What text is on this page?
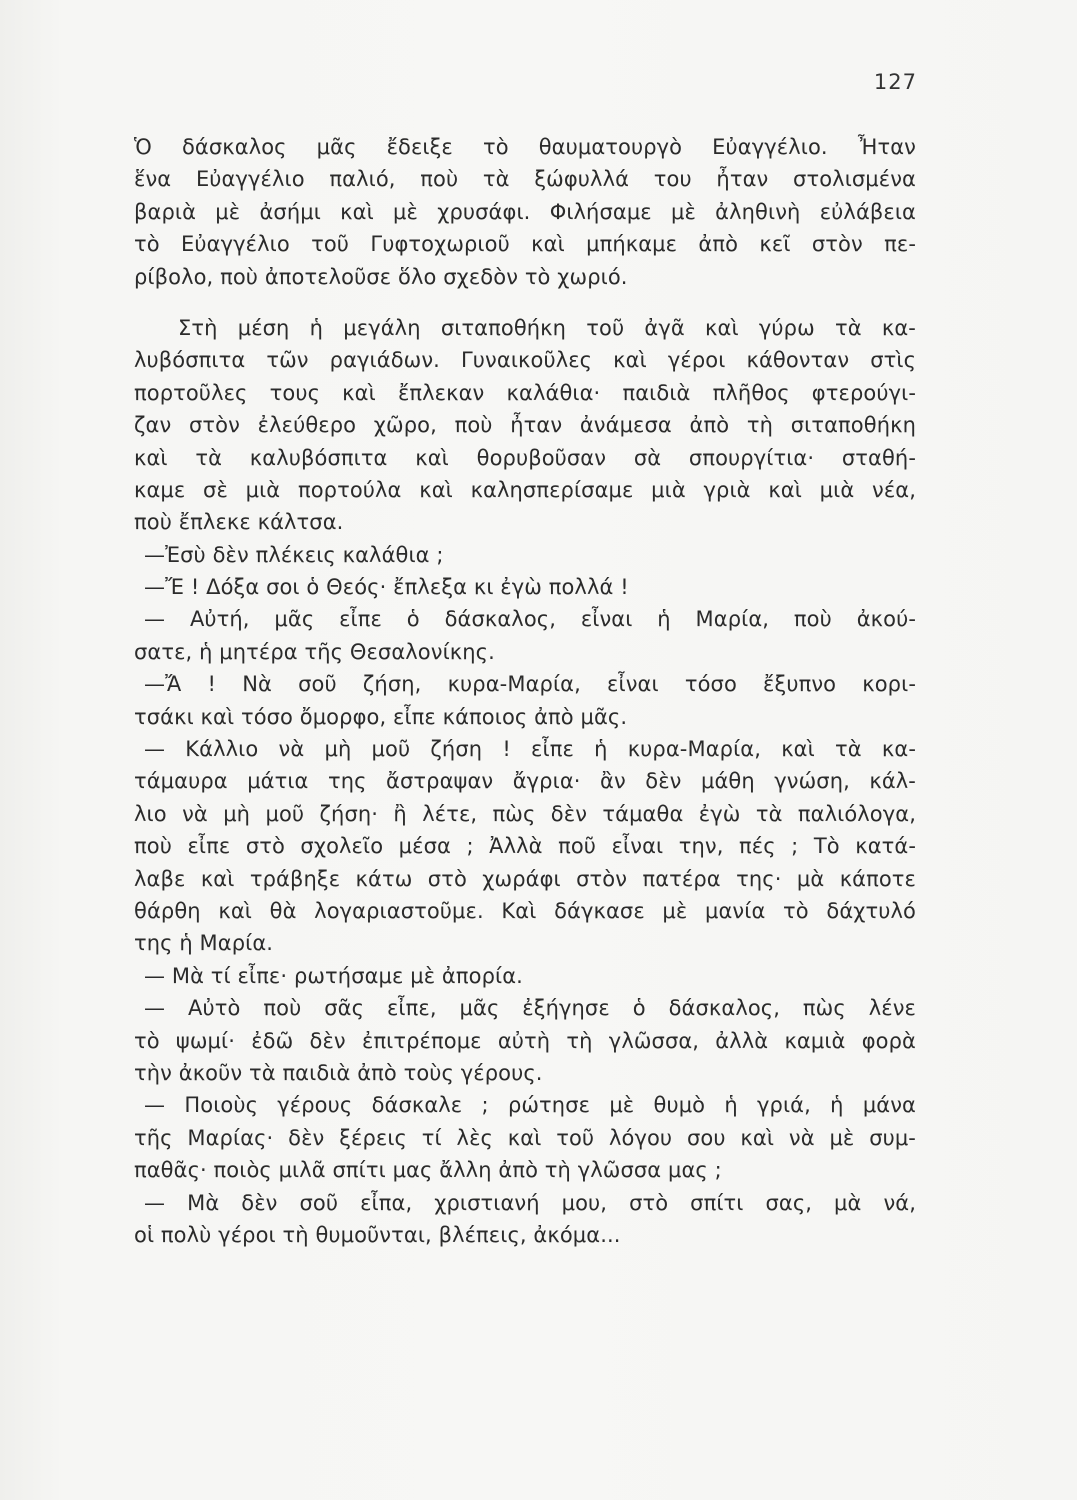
127
Ὁ δάσκαλος μᾶς ἔδειξε τὸ θαυματουργὸ Εὐαγγέλιο. Ἦταν
ἕνα Εὐαγγέλιο παλιό, ποὺ τὰ ξώφυλλά του ἦταν στολισμένα
βαριὰ μὲ ἀσήμι καὶ μὲ χρυσάφι. Φιλήσαμε μὲ ἀληθινὴ εὐλάβεια
τὸ Εὐαγγέλιο τοῦ Γυφτοχωριοῦ καὶ μπήκαμε ἀπὸ κεῖ στὸν πε-
ρίβολο, ποὺ ἀποτελοῦσε ὅλο σχεδὸν τὸ χωριό.
Στὴ μέση ἡ μεγάλη σιταποθήκη τοῦ ἀγᾶ καὶ γύρω τὰ κα-
λυβόσπιτα τῶν ραγιάδων. Γυναικοῦλες καὶ γέροι κάθονταν στὶς
πορτοῦλες τους καὶ ἔπλεκαν καλάθια· παιδιὰ πλῆθος φτερούγι-
ζαν στὸν ἐλεύθερο χῶρο, ποὺ ἦταν ἀνάμεσα ἀπὸ τὴ σιταποθήκη
καὶ τὰ καλυβόσπιτα καὶ θορυβοῦσαν σὰ σπουργίτια· σταθή-
καμε σὲ μιὰ πορτούλα καὶ καλησπερίσαμε μιὰ γριὰ καὶ μιὰ νέα,
ποὺ ἔπλεκε κάλτσα.
—Ἐσὺ δὲν πλέκεις καλάθια ;
—Ἔ ! Δόξα σοι ὁ Θεός· ἔπλεξα κι ἐγὼ πολλά !
— Αὐτή, μᾶς εἶπε ὁ δάσκαλος, εἶναι ἡ Μαρία, ποὺ ἀκού-
σατε, ἡ μητέρα τῆς Θεσαλονίκης.
—Ἄ ! Νὰ σοῦ ζήση, κυρα-Μαρία, εἶναι τόσο ἔξυπνο κορι-
τσάκι καὶ τόσο ὄμορφο, εἶπε κάποιος ἀπὸ μᾶς.
— Κάλλιο νὰ μὴ μοῦ ζήση ! εἶπε ἡ κυρα-Μαρία, καὶ τὰ κα-
τάμαυρα μάτια της ἄστραψαν ἄγρια· ἂν δὲν μάθη γνώση, κάλ-
λιο νὰ μὴ μοῦ ζήση· ἢ λέτε, πὼς δὲν τάμαθα ἐγὼ τὰ παλιόλογα,
ποὺ εἶπε στὸ σχολεῖο μέσα ; Ἀλλὰ ποῦ εἶναι την, πές ; Τὸ κατά-
λαβε καὶ τράβηξε κάτω στὸ χωράφι στὸν πατέρα της· μὰ κάποτε
θάρθη καὶ θὰ λογαριαστοῦμε. Καὶ δάγκασε μὲ μανία τὸ δάχτυλό
της ἡ Μαρία.
— Μὰ τί εἶπε· ρωτήσαμε μὲ ἀπορία.
— Αὐτὸ ποὺ σᾶς εἶπε, μᾶς ἐξήγησε ὁ δάσκαλος, πὼς λένε
τὸ ψωμί· ἐδῶ δὲν ἐπιτρέπομε αὐτὴ τὴ γλῶσσα, ἀλλὰ καμιὰ φορὰ
τὴν ἀκοῦν τὰ παιδιὰ ἀπὸ τοὺς γέρους.
— Ποιοὺς γέρους δάσκαλε ; ρώτησε μὲ θυμὸ ἡ γριά, ἡ μάνα
τῆς Μαρίας· δὲν ξέρεις τί λὲς καὶ τοῦ λόγου σου καὶ νὰ μὲ συμ-
παθᾶς· ποιὸς μιλᾶ σπίτι μας ἄλλη ἀπὸ τὴ γλῶσσα μας ;
— Μὰ δὲν σοῦ εἶπα, χριστιανή μου, στὸ σπίτι σας, μὰ νά,
οἱ πολὺ γέροι τὴ θυμοῦνται, βλέπεις, ἀκόμα...
